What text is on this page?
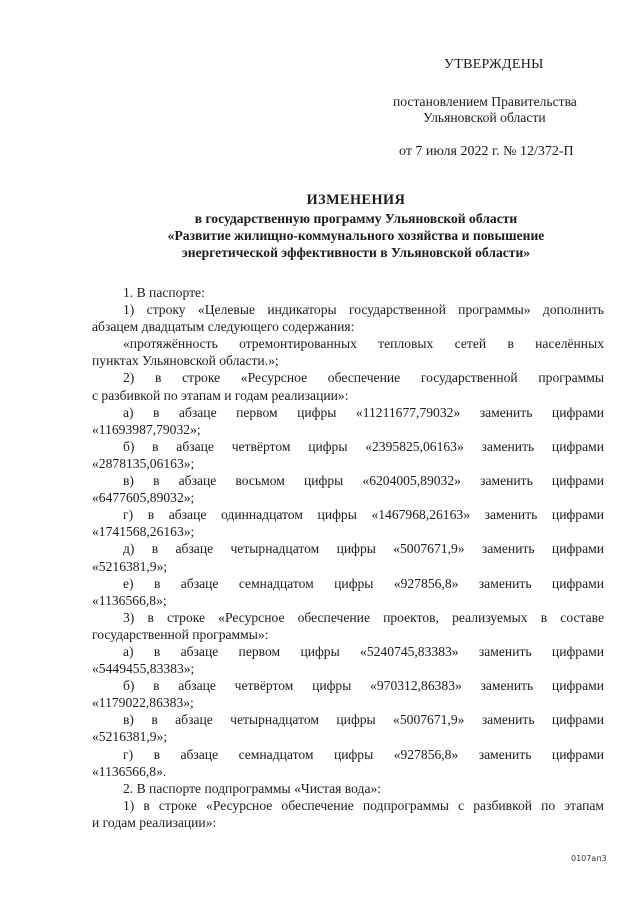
УТВЕРЖДЕНЫ
постановлением Правительства
Ульяновской области
от 7 июля 2022 г. № 12/372-П
ИЗМЕНЕНИЯ
в государственную программу Ульяновской области
«Развитие жилищно-коммунального хозяйства и повышение
энергетической эффективности в Ульяновской области»

1. В паспорте:

1) строку «Целевые индикаторы государственной программы» дополнить

абзацем двадцатым следующего содержания:

«протяжённость отремонтированных тепловых сетей в населённых

пунктах Ульяновской области.»;

2) в строке «Ресурсное обеспечение государственной программы

с разбивкой по этапам и годам реализации»:

а) в абзаце первом цифры «11211677,79032» заменить цифрами

«11693987,79032»;

б) в абзаце четвёртом цифры «2395825,06163» заменить цифрами

«2878135,06163»;

в) в абзаце восьмом цифры «6204005,89032» заменить цифрами

«6477605,89032»;

г) в абзаце одиннадцатом цифры «1467968,26163» заменить цифрами

«1741568,26163»;

д) в абзаце четырнадцатом цифры «5007671,9» заменить цифрами

«5216381,9»;

е) в абзаце семнадцатом цифры «927856,8» заменить цифрами

«1136566,8»;

3) в строке «Ресурсное обеспечение проектов, реализуемых в составе

государственной программы»:

а) в абзаце первом цифры «5240745,83383» заменить цифрами

«5449455,83383»;

б) в абзаце четвёртом цифры «970312,86383» заменить цифрами

«1179022,86383»;

в) в абзаце четырнадцатом цифры «5007671,9» заменить цифрами

«5216381,9»;

г) в абзаце семнадцатом цифры «927856,8» заменить цифрами

«1136566,8».

2. В паспорте подпрограммы «Чистая вода»:

1) в строке «Ресурсное обеспечение подпрограммы с разбивкой по этапам

и годам реализации»:

0107ап3
